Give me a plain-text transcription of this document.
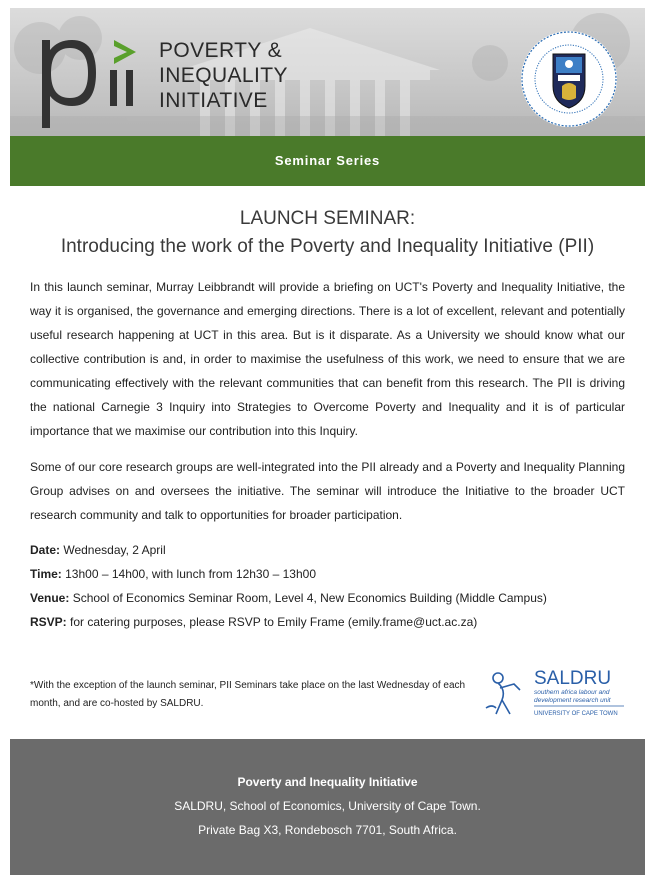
POVERTY &
INEQUALITY
INITIATIVE
Seminar Series
LAUNCH SEMINAR:
Introducing the work of the Poverty and Inequality Initiative (PII)

In this launch seminar, Murray Leibbrandt will provide a briefing on UCT's Poverty and Inequality Initiative, the way it is organised, the governance and emerging directions. There is a lot of excellent, relevant and potentially useful research happening at UCT in this area. But is it disparate. As a University we should know what our collective contribution is and, in order to maximise the usefulness of this work, we need to ensure that we are communicating effectively with the relevant communities that can benefit from this research. The PII is driving the national Carnegie 3 Inquiry into Strategies to Overcome Poverty and Inequality and it is of particular importance that we maximise our contribution into this Inquiry.

Some of our core research groups are well-integrated into the PII already and a Poverty and Inequality Planning Group advises on and oversees the initiative. The seminar will introduce the Initiative to the broader UCT research community and talk to opportunities for broader participation.

Date: Wednesday, 2 April
Time: 13h00 – 14h00, with lunch from 12h30 – 13h00
Venue: School of Economics Seminar Room, Level 4, New Economics Building (Middle Campus)
RSVP: for catering purposes, please RSVP to Emily Frame (emily.frame@uct.ac.za)
*With the exception of the launch seminar, PII Seminars take place on the last Wednesday of each month, and are co-hosted by SALDRU.
SALDRU
southern africa labour and
development research unit
UNIVERSITY OF CAPE TOWN
Poverty and Inequality Initiative
SALDRU, School of Economics, University of Cape Town.
Private Bag X3, Rondebosch 7701, South Africa.
